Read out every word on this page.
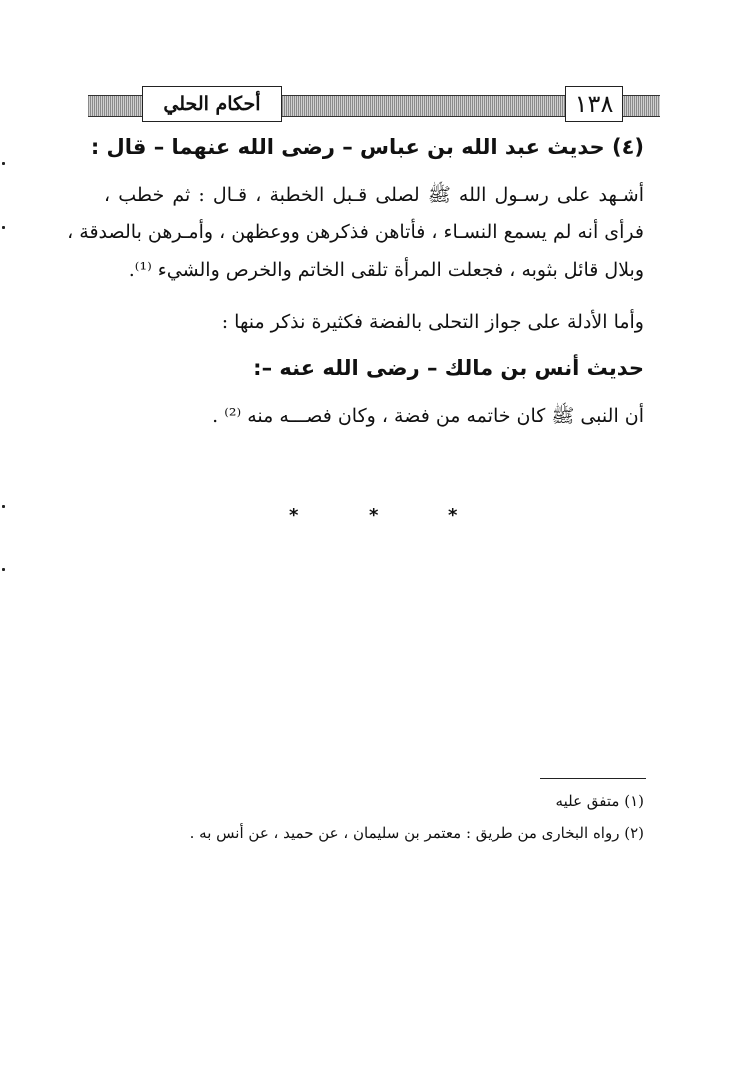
أحكام الحلي	١٣٨
(٤) حديث عبد الله بن عباس – رضى الله عنهما – قال :
أشـهد على رسـول الله ﷺ لصلى قـبل الخطبة ، قـال : ثم خطب ،
فرأى أنه لم يسمع النسـاء ، فأتاهن فذكرهن ووعظهن ، وأمـرهن بالصدقة ،
وبلال قائل بثوبه ، فجعلت المرأة تلقى الخاتم والخرص والشيء ⁽¹⁾.
وأما الأدلة على جواز التحلى بالفضة فكثيرة نذكر منها :
حديث أنس بن مالك – رضى الله عنه –:
أن النبى ﷺ كان خاتمه من فضة ، وكان فصـــه منه ⁽²⁾ .
*	*	*
(١) متفق عليه
(٢) رواه البخارى من طريق : معتمر بن سليمان ، عن حميد ، عن أنس به .
